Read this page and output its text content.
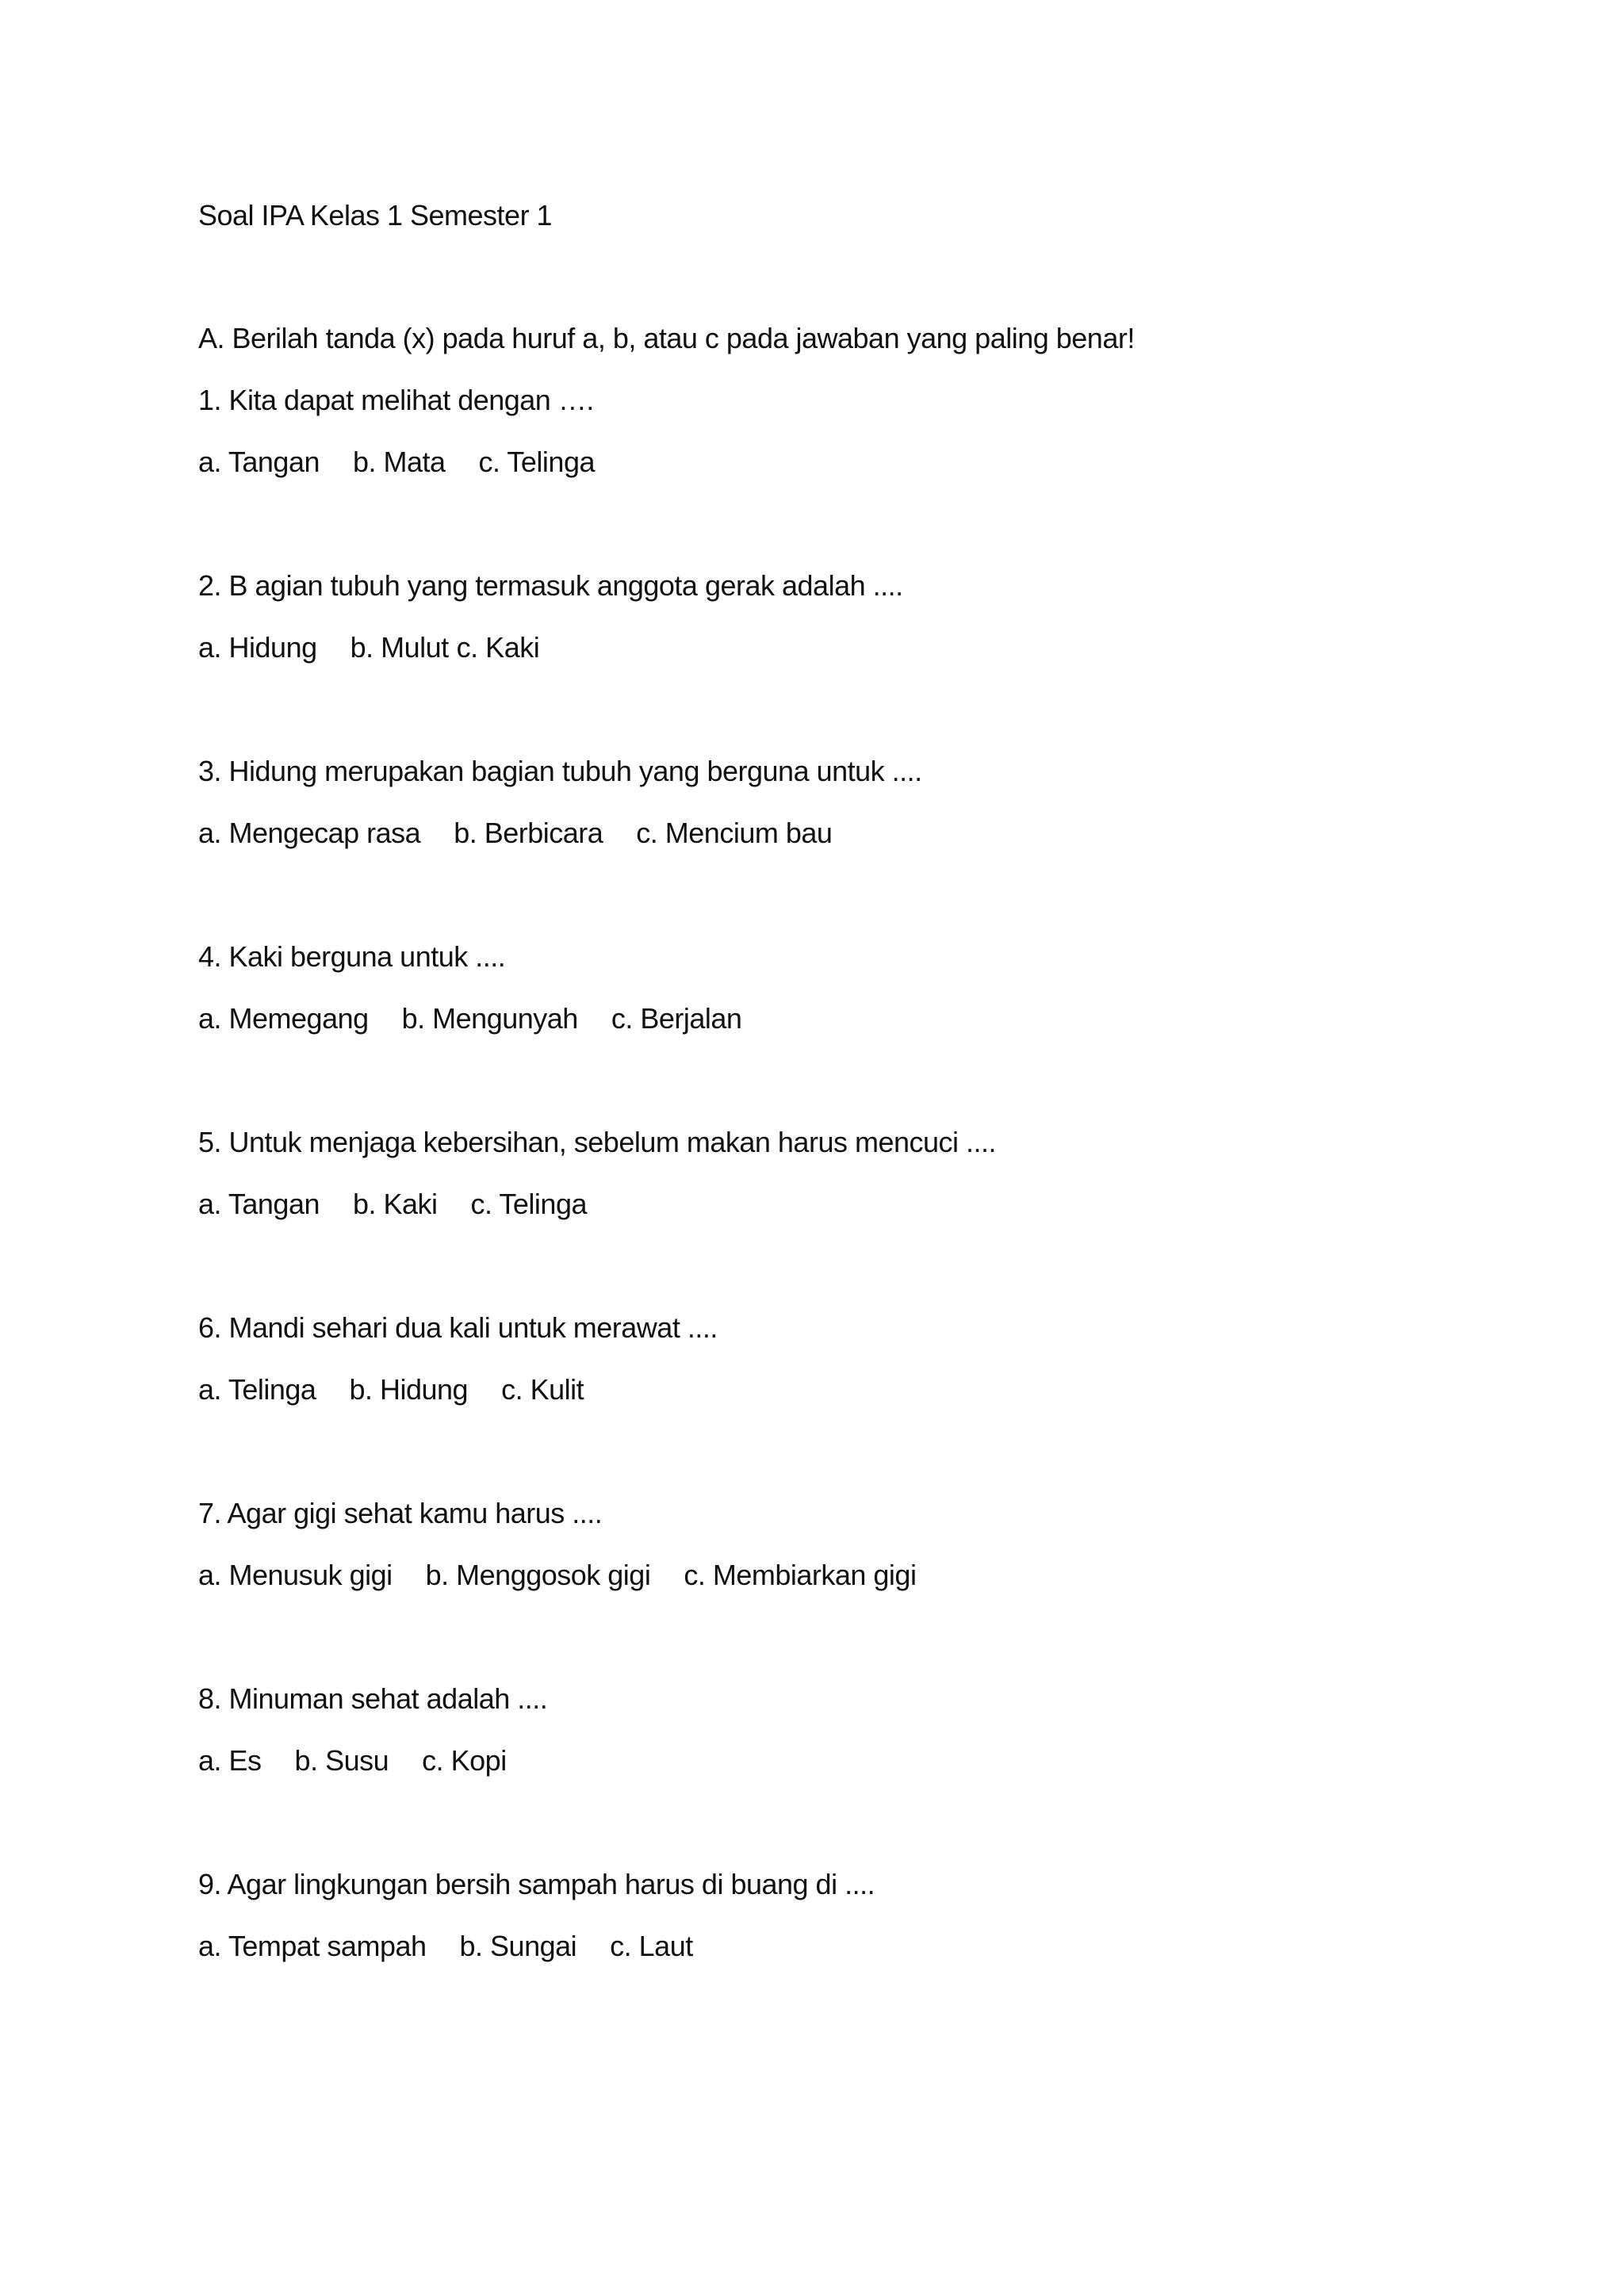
Soal IPA Kelas 1 Semester 1
A. Berilah tanda (x) pada huruf a, b, atau c pada jawaban yang paling benar!
1. Kita dapat melihat dengan ….
a. Tangan b. Mata c. Telinga
2. B agian tubuh yang termasuk anggota gerak adalah ....
a. Hidung b. Mulut c. Kaki
3. Hidung merupakan bagian tubuh yang berguna untuk ....
a. Mengecap rasa b. Berbicara c. Mencium bau
4. Kaki berguna untuk ....
a. Memegang b. Mengunyah c. Berjalan
5. Untuk menjaga kebersihan, sebelum makan harus mencuci ....
a. Tangan b. Kaki c. Telinga
6. Mandi sehari dua kali untuk merawat ....
a. Telinga b. Hidung c. Kulit
7. Agar gigi sehat kamu harus ....
a. Menusuk gigi b. Menggosok gigi c. Membiarkan gigi
8. Minuman sehat adalah ....
a. Es b. Susu c. Kopi
9. Agar lingkungan bersih sampah harus di buang di ....
a. Tempat sampah b. Sungai c. Laut
